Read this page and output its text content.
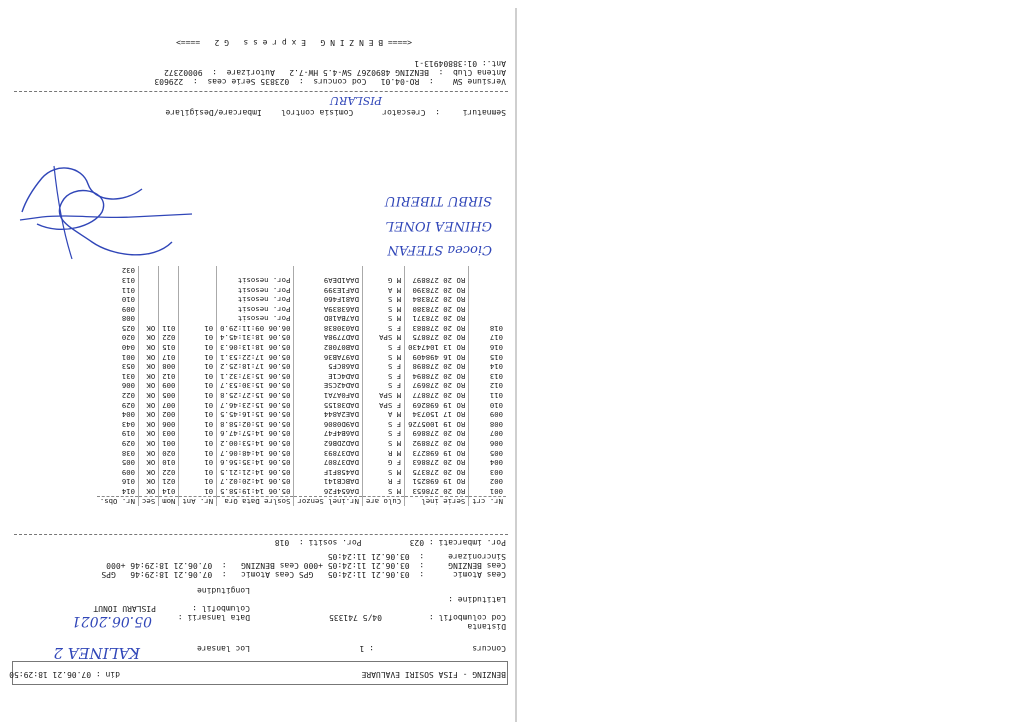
BENZING - FISA SOSIRI EVALUARE
din : 07.06.21 18:29:50
Concurs
: 1
Loc lansare
KALINEA 2
Distanta
Cod columbofil :
04/5 741335
Data lansarii :
05.06.2021
Columbofil :
PISLARU IONUT
Latitudine :
Longitudine
Ceas Atomic      :  03.06.21 11:24:05   GPS Ceas Atomic   :  07.06.21 18:29:46   GPS
Ceas BENZING     :  03.06.21 11:24:05 +000 Ceas BENZING   :  07.06.21 18:29:46 +000
Sincronizare     :  03.06.21 11:24:05
Por. imbarcati : 023          Por. sositi :  018
Nr. crt	Serie inel	Culo are	Nr.inel Senzor	Soslre Data Ora	Nr. Ant	Nom	Sec	Nr. Obs.
001	RO 20 278653	M S	DA654F26	05.06 14:19:58.5	01	014	OK	014
002	RO 19 698251	F R	DABCB141	05.06 14:20:02.7	01	021	OK	016
003	RO 20 278375	M S	DA458F1F	05.06 14:21:21.5	01	022	OK	009
004	RO 20 278863	F G	DAD37807	05.06 14:35:56.6	01	010	OK	005
005	RO 19 698273	M R	DAD37893	05.06 14:48:06.7	01	020	OK	038
006	RO 20 278892	M S	DAD2DB62	05.06 14:53:00.2	01	001	OK	029
007	RO 20 278869	F S	DA6B4F47	05.06 14:57:47.6	01	003	OK	019
008	RO 19 1005726	F S	DA9D0806	05.06 15:02:58.8	01	006	OK	043
009	RO 17 150734	M A	DAE2A844	05.06 15:16:45.5	01	002	OK	004
010	RO 19 698269	F SPA	DAD38155	05.06 15:23:46.7	01	007	OK	029
011	RO 20 278877	M SPA	DAF0A7A1	05.06 15:27:25.8	01	005	OK	022
012	RO 20 278697	F S	DAD42CSE	05.06 15:30:53.7	01	009	OK	006
013	RO 20 278894	F S	DAD4C1E	05.06 15:37:32.1	01	012	OK	031
014	RO 20 278898	F S	DA68CF5	05.06 17:18:25.2	01	008	OK	053
015	RO 16 498409	M S	DA97AB36	05.06 17:22:53.1	01	017	OK	001
016	RO 13 1047430	F S	DAB07082	05.06 18:13:06.3	01	015	OK	040
017	RO 20 278875	M SPA	DAD7798A	05.06 18:31:45.4	01	022	OK	020
018	RO 20 278883	F S	DA030838	06.06 09:11:29.0	01	011	OK	025
	RO 20 278371	M S	DA7BA18D	Por. nesosit				008
	RO 20 278380	M S	DA63839A	Por. nesosit				009
	RO 20 278384	M S	DA81F460	Por. nesosit				010
	RO 20 278390	M A	DAF1E399	Por. nesosit				011
	RO 20 278897	M G	DAA1DEA9	Por. nesosit				013
								032
Ciocea STEFAN
GHINEA IONEL
SIRBU TIBERIU
Semnaturi
:  Crescator      Comisia control    Imbarcare/Desigilare
PISLARU
Versiune SW    :  RO-04.01   Cod concurs  :  023835 Serie ceas  :  229603
Antena Club  :  BENZING 4890267 SW-4.5 HW-7.2   Autorizare  :  90002372
Ant.: 01:38804913-1
<==== B E N Z I N G   E x p r e s s   G 2   ====>
